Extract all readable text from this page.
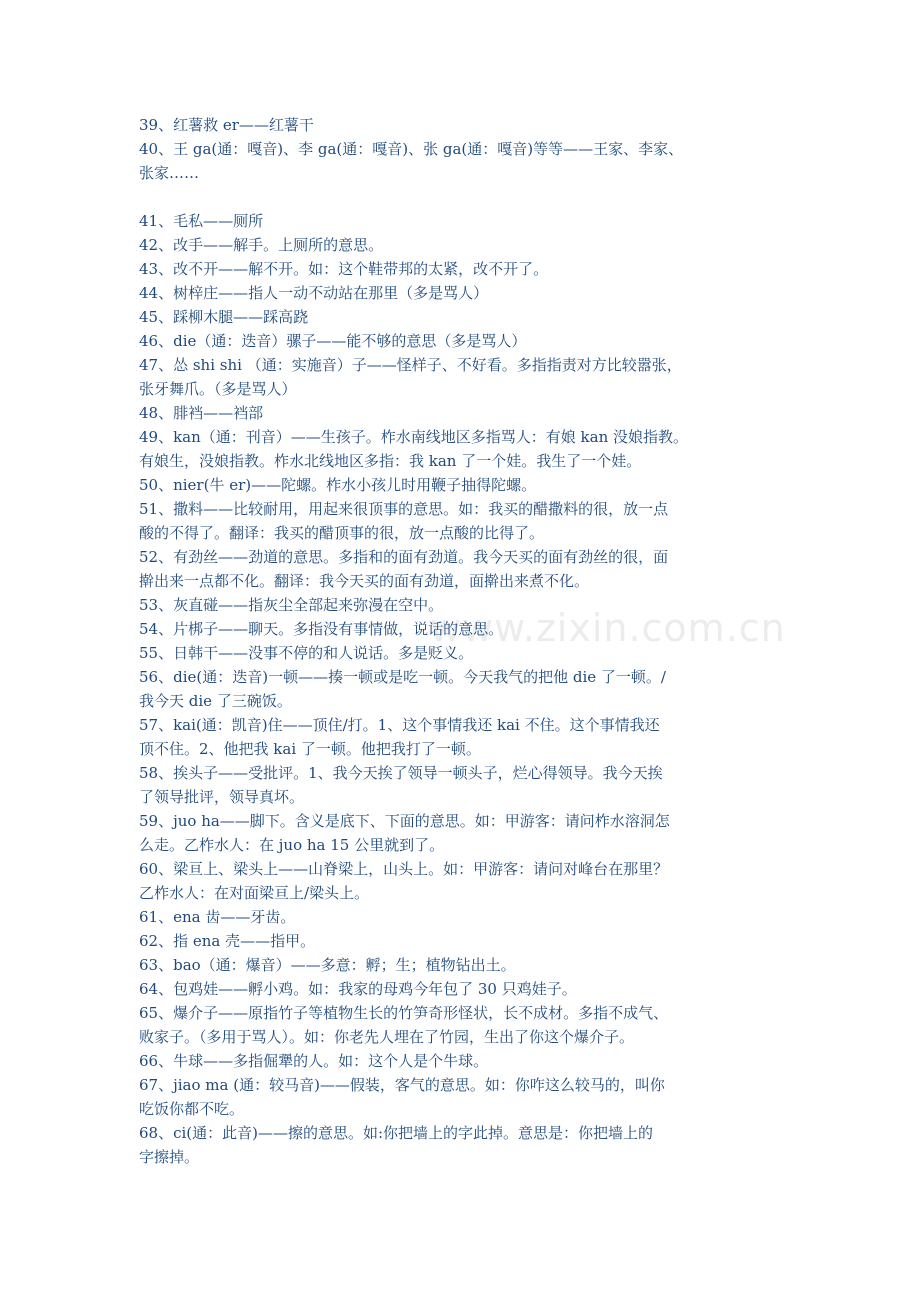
www.zixin.com.cn
39、红薯救 er——红薯干
40、王 ga(通：嘎音)、李 ga(通：嘎音)、张 ga(通：嘎音)等等——王家、李家、
张家……
41、毛私——厕所
42、改手——解手。上厕所的意思。
43、改不开——解不开。如：这个鞋带邦的太紧，改不开了。
44、树梓庄——指人一动不动站在那里（多是骂人）
45、踩柳木腿——踩高跷
46、die（通：迭音）骡子——能不够的意思（多是骂人）
47、怂 shi shi （通：实施音）子——怪样子、不好看。多指指责对方比较嚣张，
张牙舞爪。（多是骂人）
48、腓裆——裆部
49、kan（通：刊音）——生孩子。柞水南线地区多指骂人：有娘 kan 没娘指教。
有娘生，没娘指教。柞水北线地区多指：我 kan 了一个娃。我生了一个娃。
50、nier(牛 er)——陀螺。柞水小孩儿时用鞭子抽得陀螺。
51、撒料——比较耐用，用起来很顶事的意思。如：我买的醋撒料的很，放一点
酸的不得了。翻译：我买的醋顶事的很，放一点酸的比得了。
52、有劲丝——劲道的意思。多指和的面有劲道。我今天买的面有劲丝的很，面
擀出来一点都不化。翻译：我今天买的面有劲道，面擀出来煮不化。
53、灰直碰——指灰尘全部起来弥漫在空中。
54、片梆子——聊天。多指没有事情做，说话的意思。
55、日韩干——没事不停的和人说话。多是贬义。
56、die(通：迭音)一顿——揍一顿或是吃一顿。今天我气的把他 die 了一顿。/
我今天 die 了三碗饭。
57、kai(通：凯音)住——顶住/打。1、这个事情我还 kai 不住。这个事情我还
顶不住。2、他把我 kai 了一顿。他把我打了一顿。
58、挨头子——受批评。1、我今天挨了领导一顿头子，烂心得领导。我今天挨
了领导批评，领导真坏。
59、juo ha——脚下。含义是底下、下面的意思。如：甲游客：请问柞水溶洞怎
么走。乙柞水人：在 juo ha 15 公里就到了。
60、梁亘上、梁头上——山脊梁上，山头上。如：甲游客：请问对峰台在那里？
乙柞水人：在对面梁亘上/梁头上。
61、ena 齿——牙齿。
62、指 ena 壳——指甲。
63、bao（通：爆音）——多意：孵；生；植物钻出土。
64、包鸡娃——孵小鸡。如：我家的母鸡今年包了 30 只鸡娃子。
65、爆介子——原指竹子等植物生长的竹笋奇形怪状，长不成材。多指不成气、
败家子。（多用于骂人）。如：你老先人埋在了竹园，生出了你这个爆介子。
66、牛球——多指倔犟的人。如：这个人是个牛球。
67、jiao ma (通：较马音)——假装，客气的意思。如：你咋这么较马的，叫你
吃饭你都不吃。
68、ci(通：此音)——擦的意思。如:你把墙上的字此掉。意思是：你把墙上的
字擦掉。
